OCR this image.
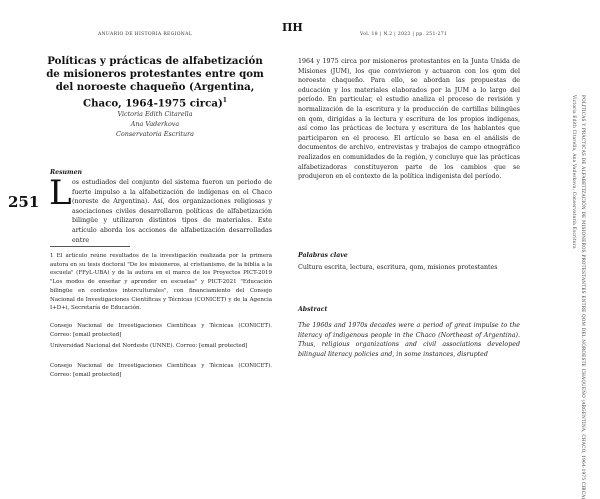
ANUARIO DE HISTORIA REGIONAL
ΠΗ
Vol. 18 | N.2 | 2023 | pp. 251-271
Políticas y prácticas de alfabetización de misioneros protestantes entre qom del noroeste chaqueño (Argentina, Chaco, 1964-1975 circa)$^1$
Victoria Edith Citarella
Ana Vaderkova
Conservatoria Escritura
251
Resumen
L os estudiados del conjunto del sistema fueron un periodo de fuerte impulso a la alfabetización de indígenas en el Chaco (noreste de Argentina). Así, dos organizaciones religiosas y asociaciones civiles desarrollaron políticas de alfabetización bilingüe y utilizaron distintos tipos de materiales. Este artículo aborda los acciones de alfabetización desarrolladas entre
1 El artículo reúne resultados de la investigación realizada por la primera autora en su tesis doctoral "De los misioneros, al cristianismo, de la biblia a la escuela" (FFyL-UBA) y de la autora en el marco de los Proyectos PICT-2019 "Los modos de enseñar y aprender en escuelas" y PICT-2021 "Educación bilingüe en contextos interculturales", con financiamiento del Consejo Nacional de Investigaciones Científicas y Técnicas (CONICET) y de la Agencia I+D+i, Secretaría de Educación.
Consejo Nacional de Investigaciones Científicas y Técnicas (CONICET). Correo: [email protected]
Universidad Nacional del Nordeste (UNNE). Correo: [email protected]
Consejo Nacional de Investigaciones Científicas y Técnicas (CONICET). Correo: [email protected]
1964 y 1975 circa por misioneros protestantes en la Junta Unida de Misiones (JUM), los que convivieron y actuaron con los qom del noroeste chaqueño. Para ello, se abordan las propuestas de educación y los materiales elaborados por la JUM a lo largo del período. En particular, el estudio analiza el proceso de revisión y normalización de la escritura y la producción de cartillas bilingües en qom, dirigidas a la lectura y escritura de los propios indígenas, así como las prácticas de lectura y escritura de los hablantes que participaron en el proceso. El artículo se basa en el análisis de documentos de archivo, entrevistas y trabajos de campo etnográfico realizados en comunidades de la región, y concluye que las prácticas alfabetizadoras constituyeron parte de los cambios que se produjeron en el contexto de la política indigenista del período.
Palabras clave
Cultura escrita, lectura, escritura, qom, misiones protestantes
Abstract
The 1960s and 1970s decades were a period of great impulse to the literacy of indigenous people in the Chaco (Northeast of Argentina). Thus, religious organizations and civil associations developed bilingual literacy policies and, in some instances, disrupted	POLÍTICAS Y PRÁCTICAS DE ALFABETIZACIÓN DE MISIONEROS PROTESTANTES ENTRE QOM DEL NOROESTE CHAQUEÑO (ARGENTINA, CHACO, 1964-1975 CIRCA)
Victoria Edith Citarella, Ana Vaderkova, Conservatoria Escritura
